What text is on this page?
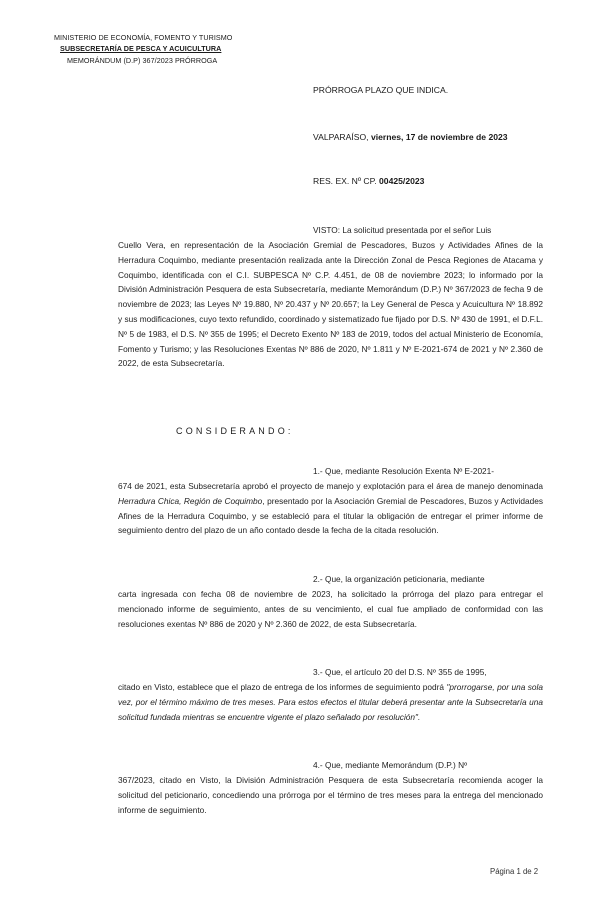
MINISTERIO DE ECONOMÍA, FOMENTO Y TURISMO
SUBSECRETARÍA DE PESCA Y ACUICULTURA
MEMORÁNDUM (D.P) 367/2023 PRÓRROGA
PRÓRROGA PLAZO QUE INDICA.
VALPARAÍSO, viernes, 17 de noviembre de 2023
RES. EX. Nº CP. 00425/2023
VISTO: La solicitud presentada por el señor Luis
Cuello Vera, en representación de la Asociación Gremial de Pescadores, Buzos y Actividades Afines de la Herradura Coquimbo, mediante presentación realizada ante la Dirección Zonal de Pesca Regiones de Atacama y Coquimbo, identificada con el C.I. SUBPESCA Nº C.P. 4.451, de 08 de noviembre 2023; lo informado por la División Administración Pesquera de esta Subsecretaría, mediante Memorándum (D.P.) Nº 367/2023 de fecha 9 de noviembre de 2023; las Leyes Nº 19.880, Nº 20.437 y Nº 20.657; la Ley General de Pesca y Acuicultura Nº 18.892 y sus modificaciones, cuyo texto refundido, coordinado y sistematizado fue fijado por D.S. Nº 430 de 1991, el D.F.L. Nº 5 de 1983, el D.S. Nº 355 de 1995; el Decreto Exento Nº 183 de 2019, todos del actual Ministerio de Economía, Fomento y Turismo; y las Resoluciones Exentas Nº 886 de 2020, Nº 1.811 y Nº E-2021-674 de 2021 y Nº 2.360 de 2022, de esta Subsecretaría.
CONSIDERANDO:
1.- Que, mediante Resolución Exenta Nº E-2021-
674 de 2021, esta Subsecretaría aprobó el proyecto de manejo y explotación para el área de manejo denominada Herradura Chica, Región de Coquimbo, presentado por la Asociación Gremial de Pescadores, Buzos y Actividades Afines de la Herradura Coquimbo, y se estableció para el titular la obligación de entregar el primer informe de seguimiento dentro del plazo de un año contado desde la fecha de la citada resolución.
2.- Que, la organización peticionaria, mediante
carta ingresada con fecha 08 de noviembre de 2023, ha solicitado la prórroga del plazo para entregar el mencionado informe de seguimiento, antes de su vencimiento, el cual fue ampliado de conformidad con las resoluciones exentas Nº 886 de 2020 y Nº 2.360 de 2022, de esta Subsecretaría.
3.- Que, el artículo 20 del D.S. Nº 355 de 1995,
citado en Visto, establece que el plazo de entrega de los informes de seguimiento podrá "prorrogarse, por una sola vez, por el término máximo de tres meses. Para estos efectos el titular deberá presentar ante la Subsecretaría una solicitud fundada mientras se encuentre vigente el plazo señalado por resolución".
4.- Que, mediante Memorándum (D.P.) Nº
367/2023, citado en Visto, la División Administración Pesquera de esta Subsecretaría recomienda acoger la solicitud del peticionario, concediendo una prórroga por el término de tres meses para la entrega del mencionado informe de seguimiento.
Página 1 de 2
